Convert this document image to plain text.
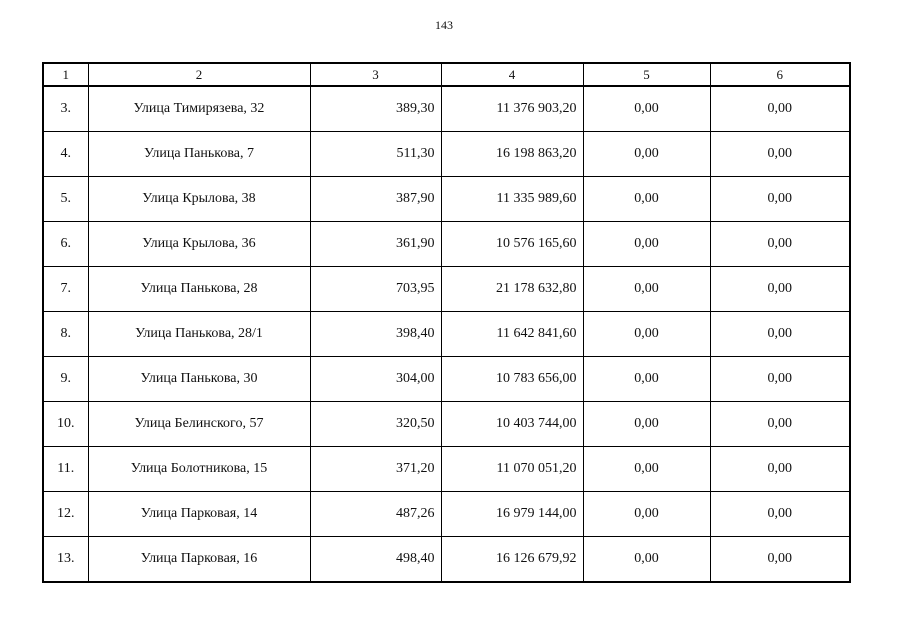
143
1	2	3	4	5	6
3.	Улица Тимирязева, 32	389,30	11 376 903,20	0,00	0,00
4.	Улица Панькова, 7	511,30	16 198 863,20	0,00	0,00
5.	Улица Крылова, 38	387,90	11 335 989,60	0,00	0,00
6.	Улица Крылова, 36	361,90	10 576 165,60	0,00	0,00
7.	Улица Панькова, 28	703,95	21 178 632,80	0,00	0,00
8.	Улица Панькова, 28/1	398,40	11 642 841,60	0,00	0,00
9.	Улица Панькова, 30	304,00	10 783 656,00	0,00	0,00
10.	Улица Белинского, 57	320,50	10 403 744,00	0,00	0,00
11.	Улица Болотникова, 15	371,20	11 070 051,20	0,00	0,00
12.	Улица Парковая, 14	487,26	16 979 144,00	0,00	0,00
13.	Улица Парковая, 16	498,40	16 126 679,92	0,00	0,00
